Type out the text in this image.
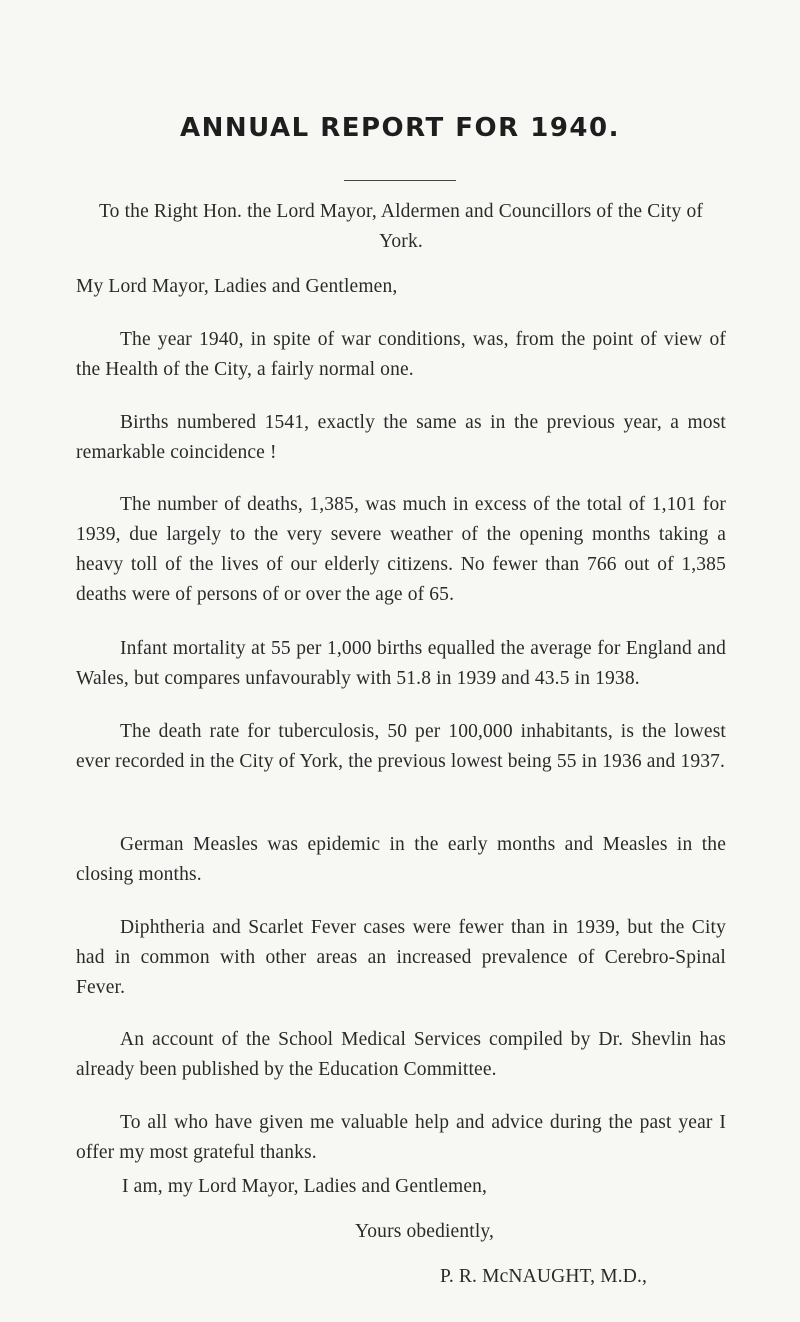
ANNUAL REPORT FOR 1940.
To the Right Hon. the Lord Mayor, Aldermen and Councillors of the City of York.
My Lord Mayor, Ladies and Gentlemen,
The year 1940, in spite of war conditions, was, from the point of view of the Health of the City, a fairly normal one.
Births numbered 1541, exactly the same as in the previous year, a most remarkable coincidence !
The number of deaths, 1,385, was much in excess of the total of 1,101 for 1939, due largely to the very severe weather of the opening months taking a heavy toll of the lives of our elderly citizens. No fewer than 766 out of 1,385 deaths were of persons of or over the age of 65.
Infant mortality at 55 per 1,000 births equalled the average for England and Wales, but compares unfavourably with 51.8 in 1939 and 43.5 in 1938.
The death rate for tuberculosis, 50 per 100,000 inhabitants, is the lowest ever recorded in the City of York, the previous lowest being 55 in 1936 and 1937.
German Measles was epidemic in the early months and Measles in the closing months.
Diphtheria and Scarlet Fever cases were fewer than in 1939, but the City had in common with other areas an increased prevalence of Cerebro-Spinal Fever.
An account of the School Medical Services compiled by Dr. Shevlin has already been published by the Education Committee.
To all who have given me valuable help and advice during the past year I offer my most grateful thanks.
I am, my Lord Mayor, Ladies and Gentlemen,
Yours obediently,
P. R. McNAUGHT, M.D.,
